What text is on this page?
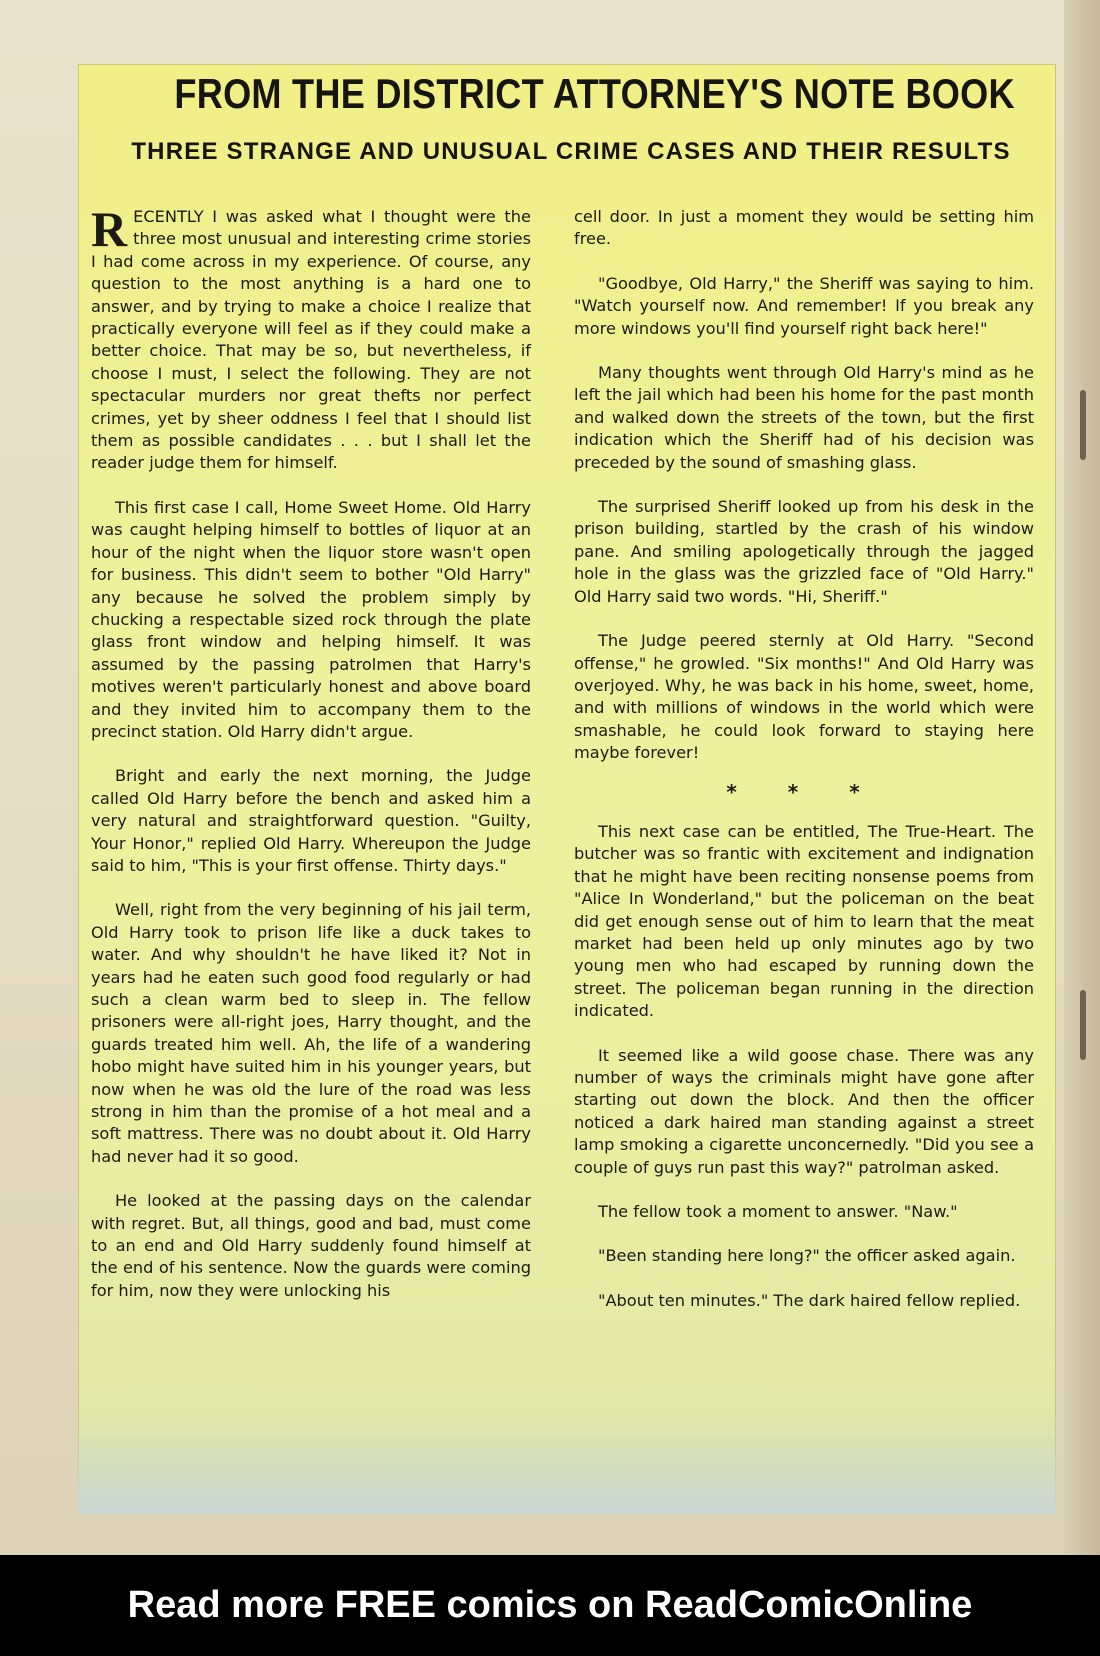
FROM THE DISTRICT ATTORNEY'S NOTE BOOK
THREE STRANGE AND UNUSUAL CRIME CASES AND THEIR RESULTS

RECENTLY I was asked what I thought were the three most unusual and interesting crime stories I had come across in my experience. Of course, any question to the most anything is a hard one to answer, and by trying to make a choice I realize that practically everyone will feel as if they could make a better choice. That may be so, but nevertheless, if choose I must, I select the following. They are not spectacular murders nor great thefts nor perfect crimes, yet by sheer oddness I feel that I should list them as possible candidates . . . but I shall let the reader judge them for himself.

This first case I call, Home Sweet Home. Old Harry was caught helping himself to bottles of liquor at an hour of the night when the liquor store wasn't open for business. This didn't seem to bother "Old Harry" any because he solved the problem simply by chucking a respectable sized rock through the plate glass front window and helping himself. It was assumed by the passing patrolmen that Harry's motives weren't particularly honest and above board and they invited him to accompany them to the precinct station. Old Harry didn't argue.

Bright and early the next morning, the Judge called Old Harry before the bench and asked him a very natural and straightforward question. "Guilty, Your Honor," replied Old Harry. Whereupon the Judge said to him, "This is your first offense. Thirty days."

Well, right from the very beginning of his jail term, Old Harry took to prison life like a duck takes to water. And why shouldn't he have liked it? Not in years had he eaten such good food regularly or had such a clean warm bed to sleep in. The fellow prisoners were all-right joes, Harry thought, and the guards treated him well. Ah, the life of a wandering hobo might have suited him in his younger years, but now when he was old the lure of the road was less strong in him than the promise of a hot meal and a soft mattress. There was no doubt about it. Old Harry had never had it so good.

He looked at the passing days on the calendar with regret. But, all things, good and bad, must come to an end and Old Harry suddenly found himself at the end of his sentence. Now the guards were coming for him, now they were unlocking his

cell door. In just a moment they would be setting him free.

"Goodbye, Old Harry," the Sheriff was saying to him. "Watch yourself now. And remember! If you break any more windows you'll find yourself right back here!"

Many thoughts went through Old Harry's mind as he left the jail which had been his home for the past month and walked down the streets of the town, but the first indication which the Sheriff had of his decision was preceded by the sound of smashing glass.

The surprised Sheriff looked up from his desk in the prison building, startled by the crash of his window pane. And smiling apologetically through the jagged hole in the glass was the grizzled face of "Old Harry." Old Harry said two words. "Hi, Sheriff."

The Judge peered sternly at Old Harry. "Second offense," he growled. "Six months!" And Old Harry was overjoyed. Why, he was back in his home, sweet, home, and with millions of windows in the world which were smashable, he could look forward to staying here maybe forever!

* * *

This next case can be entitled, The True-Heart. The butcher was so frantic with excitement and indignation that he might have been reciting nonsense poems from "Alice In Wonderland," but the policeman on the beat did get enough sense out of him to learn that the meat market had been held up only minutes ago by two young men who had escaped by running down the street. The policeman began running in the direction indicated.

It seemed like a wild goose chase. There was any number of ways the criminals might have gone after starting out down the block. And then the officer noticed a dark haired man standing against a street lamp smoking a cigarette unconcernedly. "Did you see a couple of guys run past this way?" patrolman asked.

The fellow took a moment to answer. "Naw."

"Been standing here long?" the officer asked again.

"About ten minutes." The dark haired fellow replied.

Read more FREE comics on ReadComicOnline
